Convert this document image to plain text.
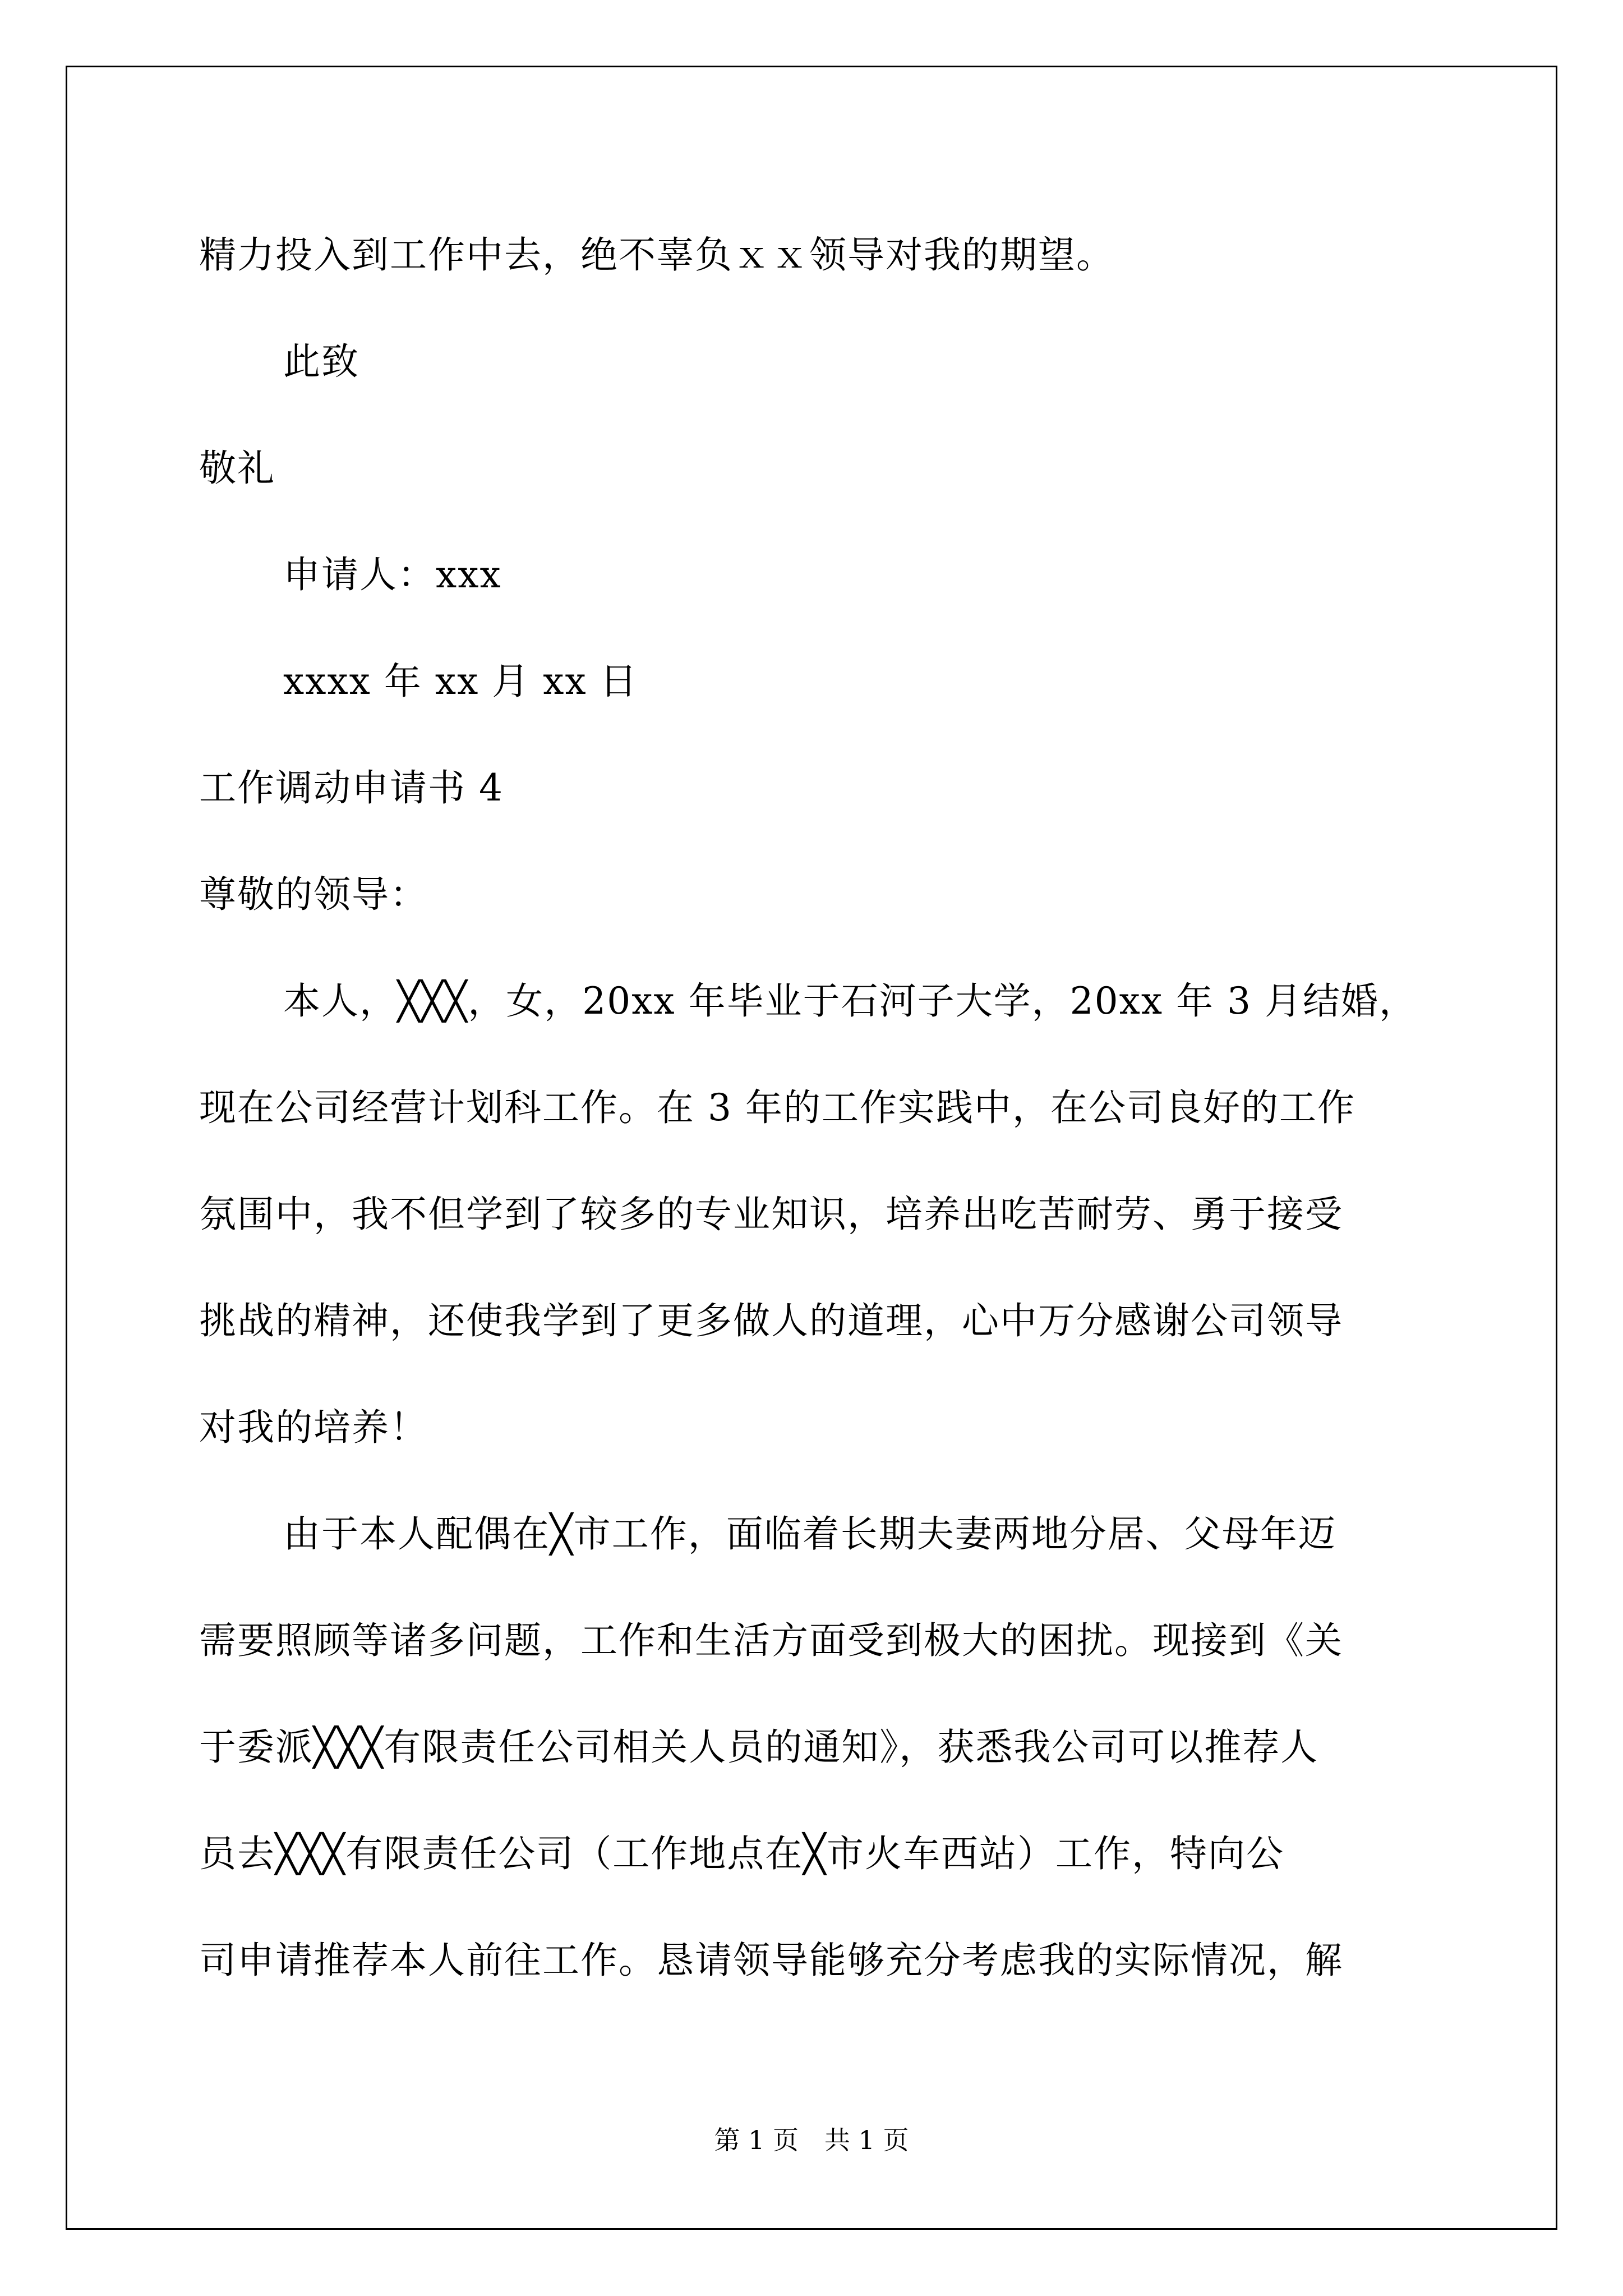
精力投入到工作中去，绝不辜负ｘｘ领导对我的期望。
此致
敬礼
申请人：xxx
xxxx 年 xx 月 xx 日
工作调动申请书 4
尊敬的领导：
本人，╳╳╳，女，20xx 年毕业于石河子大学，20xx 年 3 月结婚，
现在公司经营计划科工作。在 3 年的工作实践中，在公司良好的工作
氛围中，我不但学到了较多的专业知识，培养出吃苦耐劳、勇于接受
挑战的精神，还使我学到了更多做人的道理，心中万分感谢公司领导
对我的培养！
由于本人配偶在╳市工作，面临着长期夫妻两地分居、父母年迈
需要照顾等诸多问题，工作和生活方面受到极大的困扰。现接到《关
于委派╳╳╳有限责任公司相关人员的通知》，获悉我公司可以推荐人
员去╳╳╳有限责任公司（工作地点在╳市火车西站）工作，特向公
司申请推荐本人前往工作。恳请领导能够充分考虑我的实际情况，解
第 1 页　共 1 页
